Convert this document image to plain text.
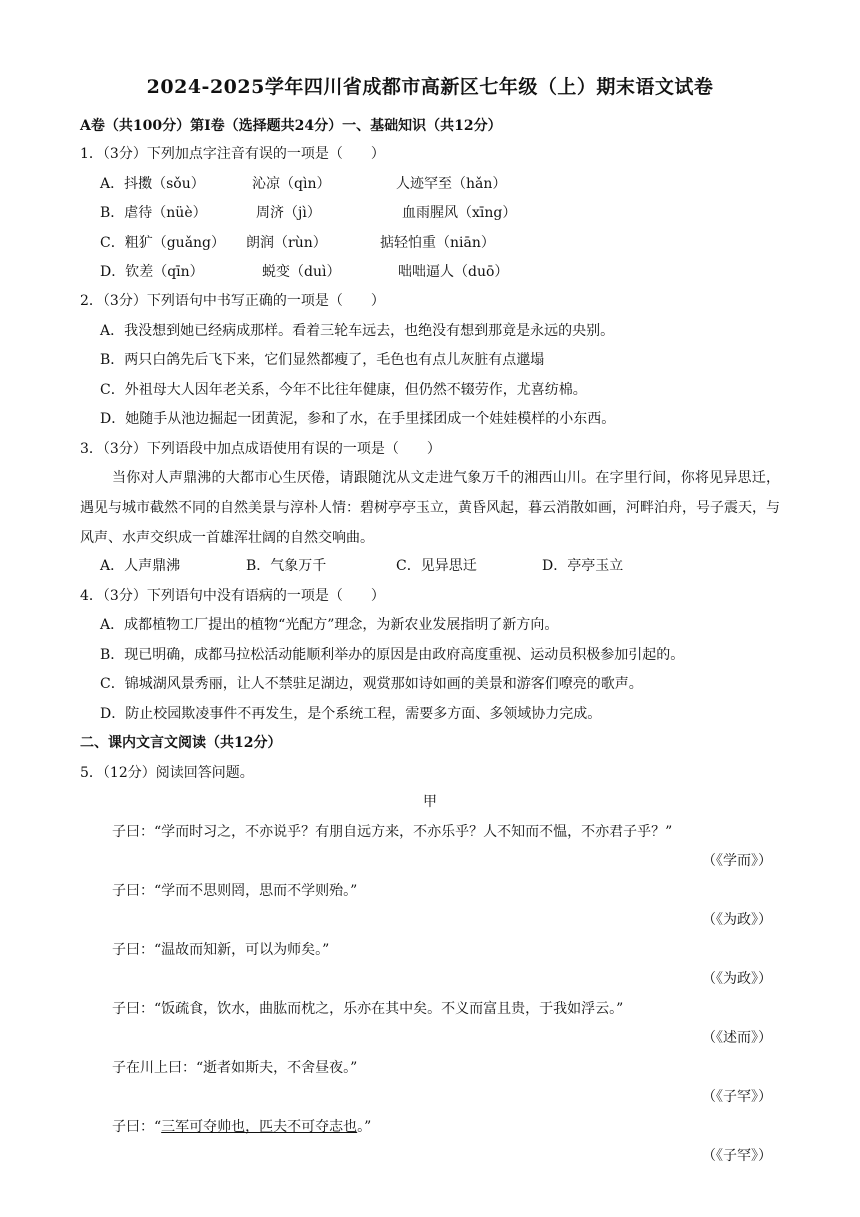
2024-2025学年四川省成都市高新区七年级（上）期末语文试卷
A卷（共100分）第Ⅰ卷（选择题共24分）一、基础知识（共12分）
1．（3分）下列加点字注音有误的一项是（　　）
A．抖擞（sǒu）	沁凉（qìn）	人迹罕至（hǎn）
B．虐待（nüè）	周济（jì）	血雨腥风（xīng）
C．粗犷（guǎng） 朗润（rùn）	掂轻怕重（niān）
D．钦差（qīn）	蜕变（duì）	咄咄逼人（duō）
2．（3分）下列语句中书写正确的一项是（　　）
A．我没想到她已经病成那样。看着三轮车远去，也绝没有想到那竟是永远的央别。
B．两只白鸽先后飞下来，它们显然都瘦了，毛色也有点儿灰脏有点邋塌
C．外祖母大人因年老关系，今年不比往年健康，但仍然不辍劳作，尤喜纺棉。
D．她随手从池边掘起一团黄泥，参和了水，在手里揉团成一个娃娃模样的小东西。
3．（3分）下列语段中加点成语使用有误的一项是（　　）
当你对人声鼎沸的大都市心生厌倦，请跟随沈从文走进气象万千的湘西山川。在字里行间，你将见异思迁，遇见与城市截然不同的自然美景与淳朴人情：碧树亭亭玉立，黄昏风起，暮云消散如画，河畔泊舟，号子震天，与风声、水声交织成一首雄浑壮阔的自然交响曲。
A．人声鼎沸	B．气象万千	C．见异思迁	D．亭亭玉立
4．（3分）下列语句中没有语病的一项是（　　）
A．成都植物工厂提出的植物“光配方”理念，为新农业发展指明了新方向。
B．现已明确，成都马拉松活动能顺利举办的原因是由政府高度重视、运动员积极参加引起的。
C．锦城湖风景秀丽，让人不禁驻足湖边，观赏那如诗如画的美景和游客们嘹亮的歌声。
D．防止校园欺凌事件不再发生，是个系统工程，需要多方面、多领域协力完成。
二、课内文言文阅读（共12分）
5．（12分）阅读回答问题。
甲
子曰：“学而时习之，不亦说乎？有朋自远方来，不亦乐乎？人不知而不愠，不亦君子乎？”
（《学而》）
子曰：“学而不思则罔，思而不学则殆。”
（《为政》）
子曰：“温故而知新，可以为师矣。”
（《为政》）
子曰：“饭疏食，饮水，曲肱而枕之，乐亦在其中矣。不义而富且贵，于我如浮云。”
（《述而》）
子在川上曰：“逝者如斯夫，不舍昼夜。”
（《子罕》）
子曰：“三军可夺帅也，匹夫不可夺志也。”
（《子罕》）
